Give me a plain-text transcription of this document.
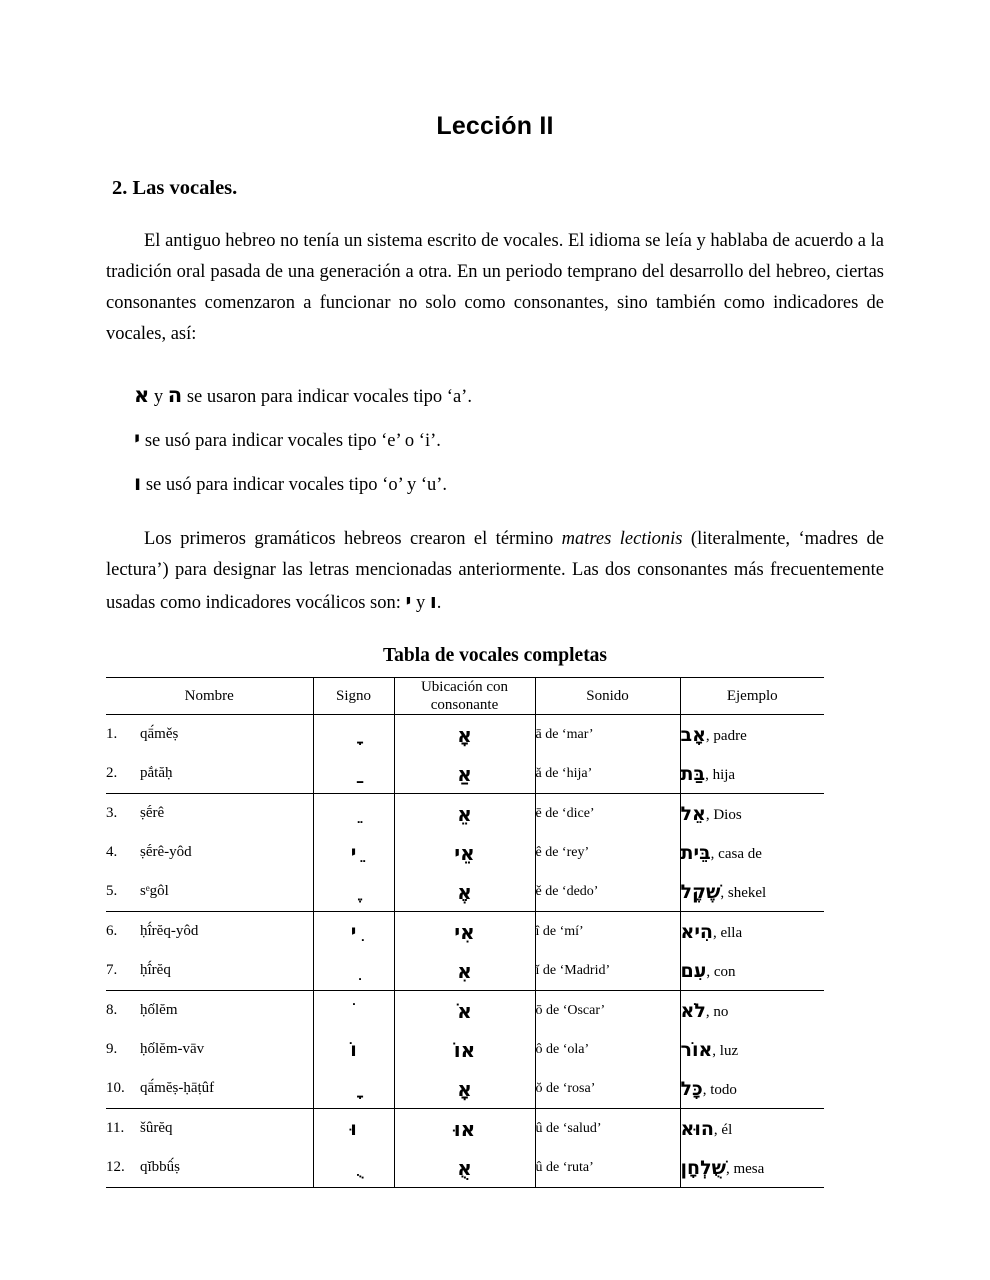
Lección II
2. Las vocales.

El antiguo hebreo no tenía un sistema escrito de vocales. El idioma se leía y hablaba de acuerdo a la tradición oral pasada de una generación a otra. En un periodo temprano del desarrollo del hebreo, ciertas consonantes comenzaron a funcionar no solo como consonantes, sino también como indicadores de vocales, así:

א y ה se usaron para indicar vocales tipo ‘a’.
י se usó para indicar vocales tipo ‘e’ o ‘i’.
ו se usó para indicar vocales tipo ‘o’ y ‘u’.

Los primeros gramáticos hebreos crearon el término matres lectionis (literalmente, ‘madres de lectura’) para designar las letras mencionadas anteriormente. Las dos consonantes más frecuentemente usadas como indicadores vocálicos son: י y ו.

Tabla de vocales completas
Nombre	Signo	Ubicación con consonante	Sonido	Ejemplo
1. qā́měṣ		אָ	ā de ‘mar’	אָב, padre
2. pắtăḥ		אַ	ă de ‘hija’	בַּת, hija
3. ṣḗrê		אֵ	ē de ‘dice’	אֵל, Dios
4. ṣḗrê-yôd	ֵי	אֵי	ê de ‘rey’	בֵּית, casa de
5. sᵉgôl		אֶ	ě de ‘dedo’	שֶׁקֶל, shekel
6. ḥî́rĕq-yôd	ִי	אִי	î de ‘mí’	הִיא, ella
7. ḥî́rĕq		אִ	ĭ de ‘Madrid’	עִם, con
8. ḥốlĕm		אֹ	ō de ‘Oscar’	לֹא, no
9. ḥốlĕm-vāv	וֹ	אוֹ	ô de ‘ola’	אוֹר, luz
10. qā́mĕṣ-ḥāṭûf		אָ	ŏ de ‘rosa’	כָּל, todo
11. šûrĕq	וּ	אוּ	û de ‘salud’	הוּא, él
12. qĭbbû́ṣ		אֻ	û de ‘ruta’	שֻׁלְחָן, mesa
